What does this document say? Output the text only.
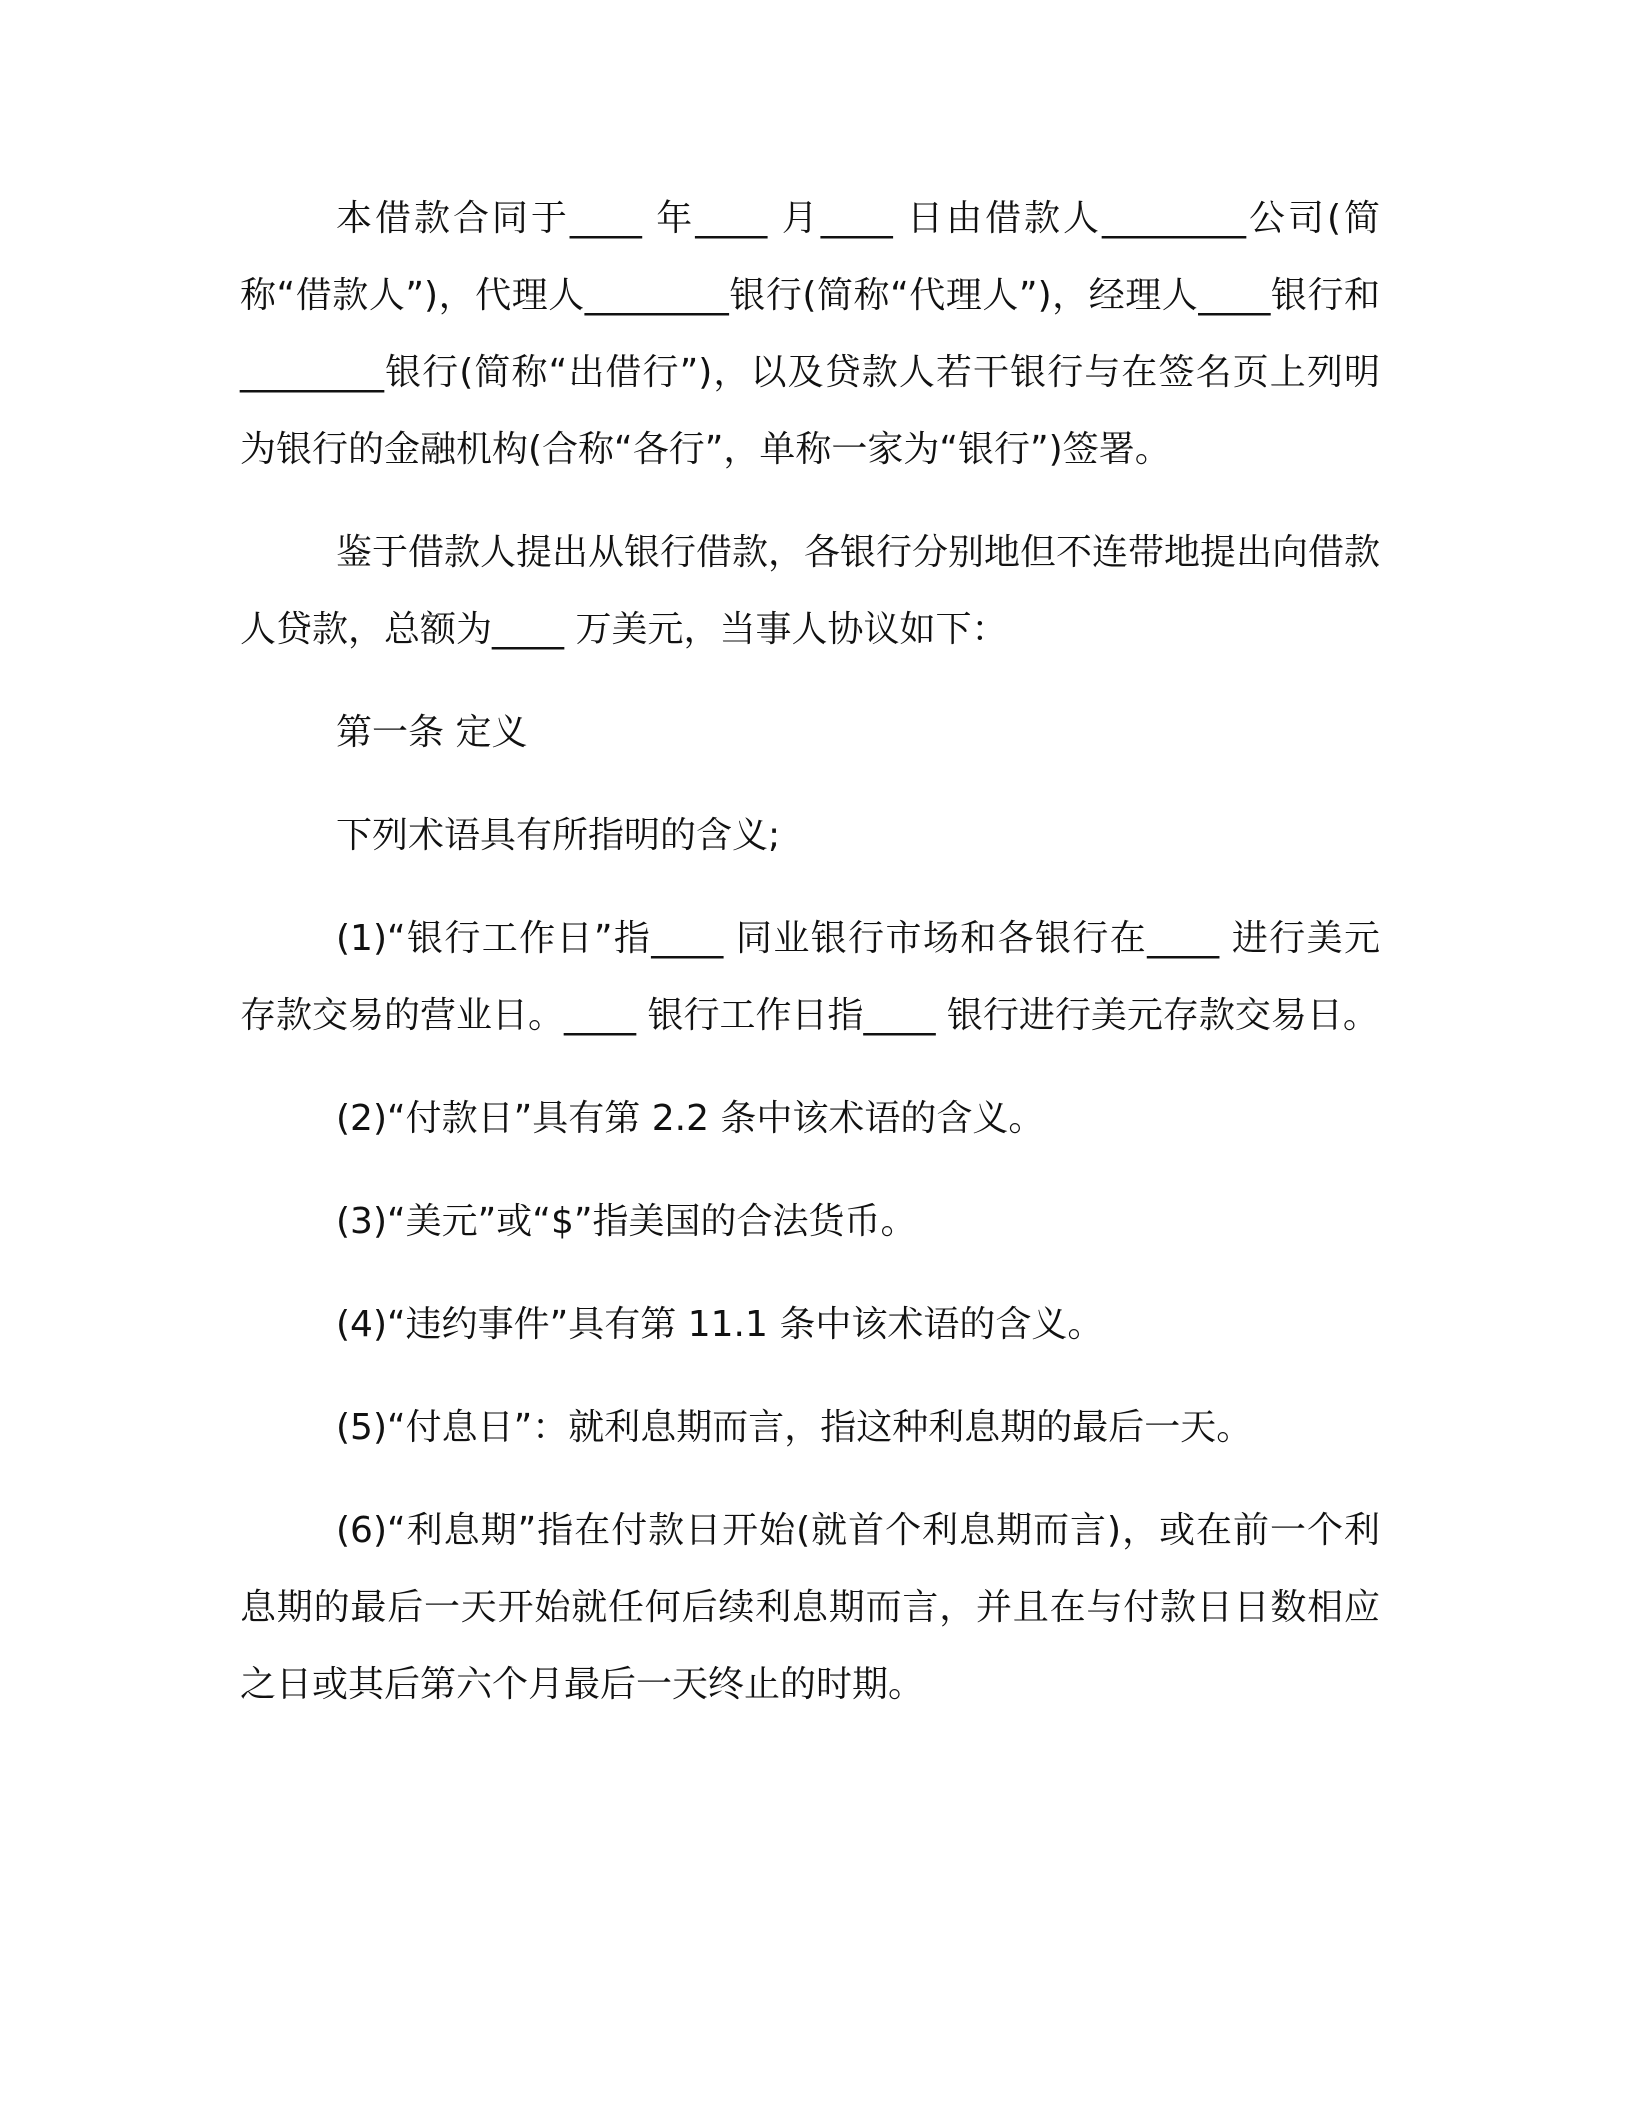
本借款合同于____ 年____ 月____ 日由借款人________公司(简称“借款人”)，代理人________银行(简称“代理人”)，经理人____银行和________银行(简称“出借行”)，以及贷款人若干银行与在签名页上列明为银行的金融机构(合称“各行”，单称一家为“银行”)签署。

鉴于借款人提出从银行借款，各银行分别地但不连带地提出向借款人贷款，总额为____ 万美元，当事人协议如下：

第一条 定义

下列术语具有所指明的含义;

(1)“银行工作日”指____ 同业银行市场和各银行在____ 进行美元存款交易的营业日。____ 银行工作日指____ 银行进行美元存款交易日。

(2)“付款日”具有第 2.2 条中该术语的含义。

(3)“美元”或“$”指美国的合法货币。

(4)“违约事件”具有第 11.1 条中该术语的含义。

(5)“付息日”：就利息期而言，指这种利息期的最后一天。

(6)“利息期”指在付款日开始(就首个利息期而言)，或在前一个利息期的最后一天开始就任何后续利息期而言，并且在与付款日日数相应之日或其后第六个月最后一天终止的时期。
